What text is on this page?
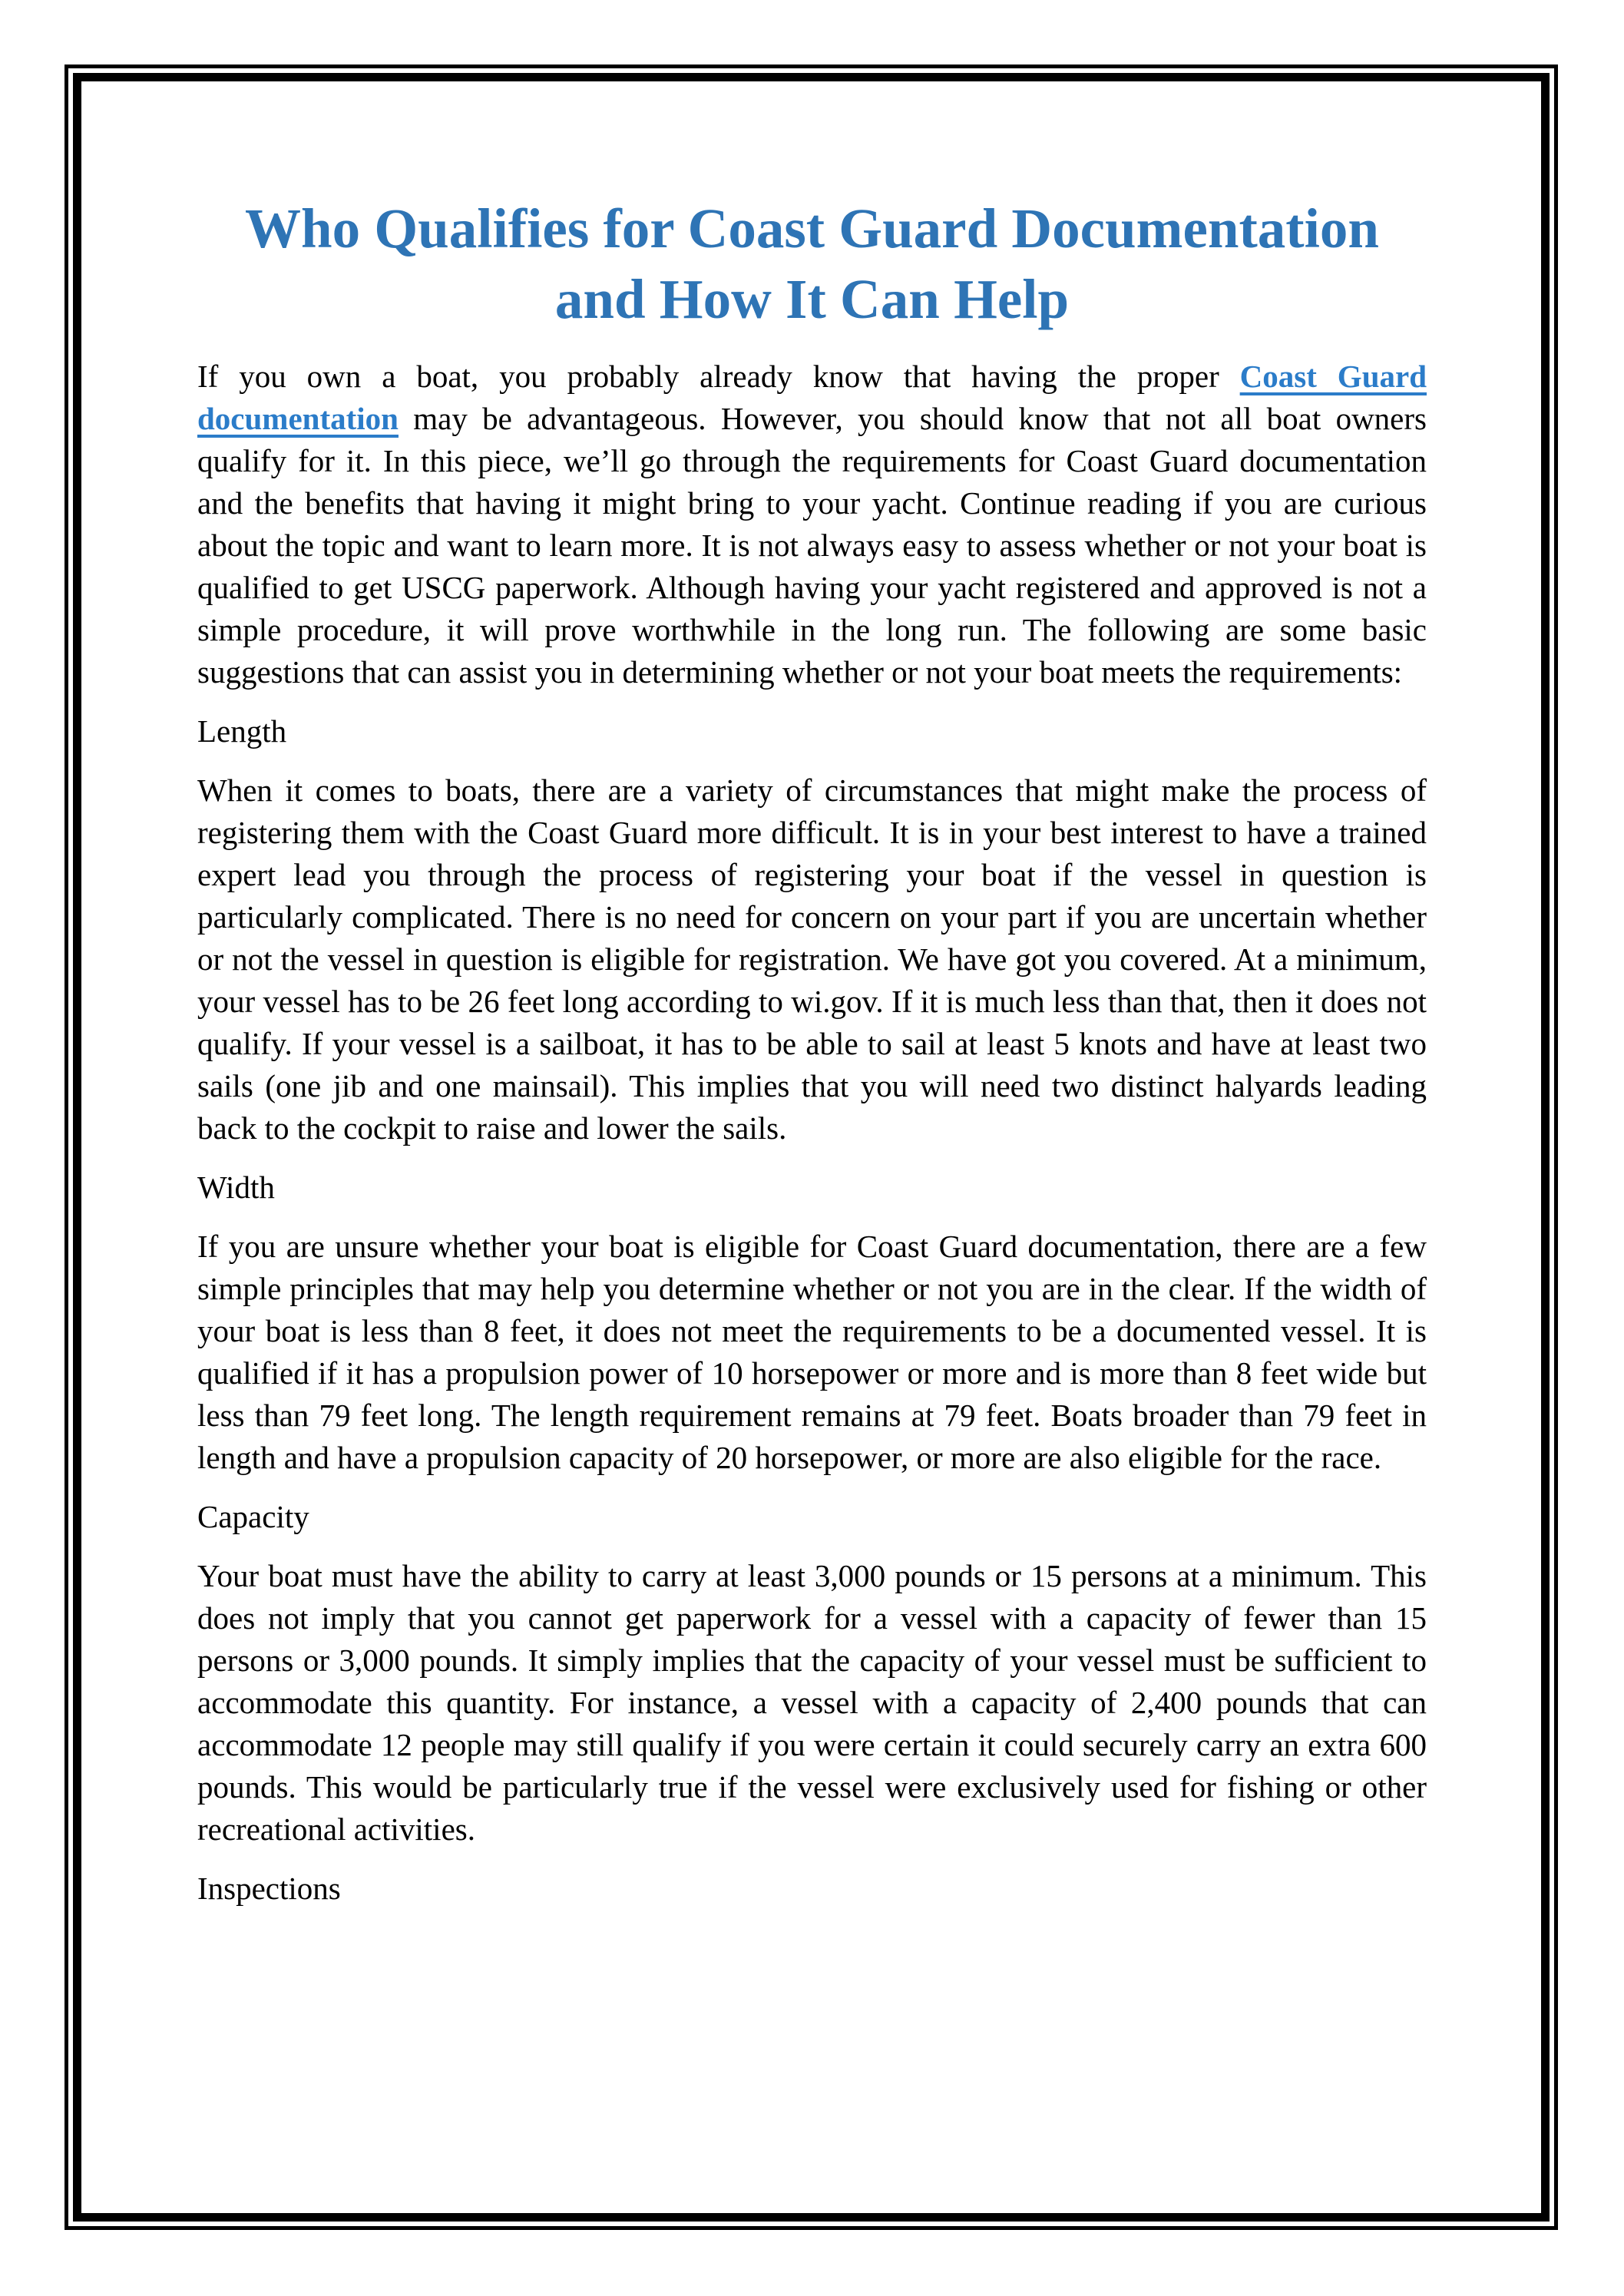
Who Qualifies for Coast Guard Documentation
and How It Can Help

If you own a boat, you probably already know that having the proper Coast Guard documentation may be advantageous. However, you should know that not all boat owners qualify for it. In this piece, we’ll go through the requirements for Coast Guard documentation and the benefits that having it might bring to your yacht. Continue reading if you are curious about the topic and want to learn more. It is not always easy to assess whether or not your boat is qualified to get USCG paperwork. Although having your yacht registered and approved is not a simple procedure, it will prove worthwhile in the long run. The following are some basic suggestions that can assist you in determining whether or not your boat meets the requirements:

Length

When it comes to boats, there are a variety of circumstances that might make the process of registering them with the Coast Guard more difficult. It is in your best interest to have a trained expert lead you through the process of registering your boat if the vessel in question is particularly complicated. There is no need for concern on your part if you are uncertain whether or not the vessel in question is eligible for registration. We have got you covered. At a minimum, your vessel has to be 26 feet long according to wi.gov. If it is much less than that, then it does not qualify. If your vessel is a sailboat, it has to be able to sail at least 5 knots and have at least two sails (one jib and one mainsail). This implies that you will need two distinct halyards leading back to the cockpit to raise and lower the sails.

Width

If you are unsure whether your boat is eligible for Coast Guard documentation, there are a few simple principles that may help you determine whether or not you are in the clear. If the width of your boat is less than 8 feet, it does not meet the requirements to be a documented vessel. It is qualified if it has a propulsion power of 10 horsepower or more and is more than 8 feet wide but less than 79 feet long. The length requirement remains at 79 feet. Boats broader than 79 feet in length and have a propulsion capacity of 20 horsepower, or more are also eligible for the race.

Capacity

Your boat must have the ability to carry at least 3,000 pounds or 15 persons at a minimum. This does not imply that you cannot get paperwork for a vessel with a capacity of fewer than 15 persons or 3,000 pounds. It simply implies that the capacity of your vessel must be sufficient to accommodate this quantity. For instance, a vessel with a capacity of 2,400 pounds that can accommodate 12 people may still qualify if you were certain it could securely carry an extra 600 pounds. This would be particularly true if the vessel were exclusively used for fishing or other recreational activities.

Inspections
